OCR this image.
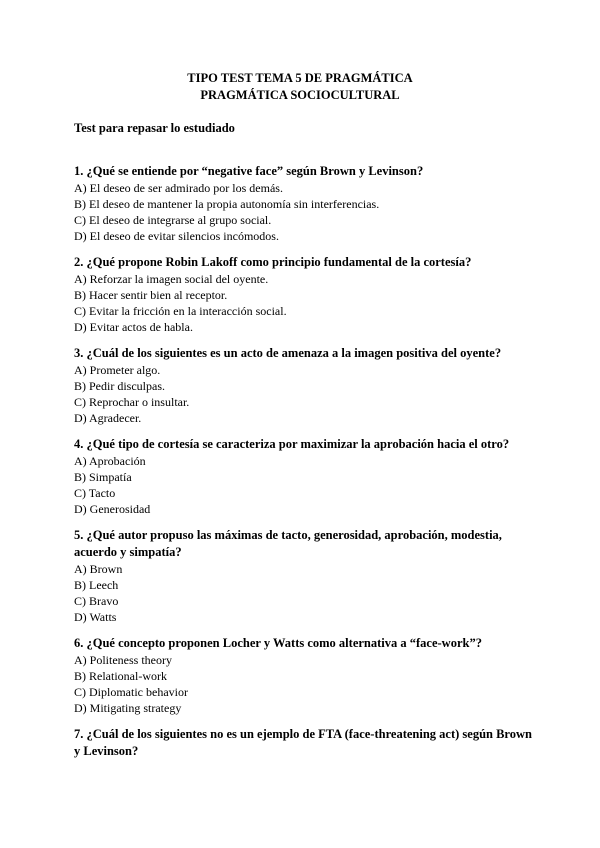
TIPO TEST TEMA 5 DE PRAGMÁTICA
PRAGMÁTICA SOCIOCULTURAL
Test para repasar lo estudiado

1. ¿Qué se entiende por “negative face” según Brown y Levinson?

A) El deseo de ser admirado por los demás.

B) El deseo de mantener la propia autonomía sin interferencias.

C) El deseo de integrarse al grupo social.

D) El deseo de evitar silencios incómodos.

2. ¿Qué propone Robin Lakoff como principio fundamental de la cortesía?

A) Reforzar la imagen social del oyente.

B) Hacer sentir bien al receptor.

C) Evitar la fricción en la interacción social.

D) Evitar actos de habla.

3. ¿Cuál de los siguientes es un acto de amenaza a la imagen positiva del oyente?

A) Prometer algo.

B) Pedir disculpas.

C) Reprochar o insultar.

D) Agradecer.

4. ¿Qué tipo de cortesía se caracteriza por maximizar la aprobación hacia el otro?

A) Aprobación

B) Simpatía

C) Tacto

D) Generosidad

5. ¿Qué autor propuso las máximas de tacto, generosidad, aprobación, modestia, acuerdo y simpatía?

A) Brown

B) Leech

C) Bravo

D) Watts

6. ¿Qué concepto proponen Locher y Watts como alternativa a “face-work”?

A) Politeness theory

B) Relational-work

C) Diplomatic behavior

D) Mitigating strategy

7. ¿Cuál de los siguientes no es un ejemplo de FTA (face-threatening act) según Brown y Levinson?
